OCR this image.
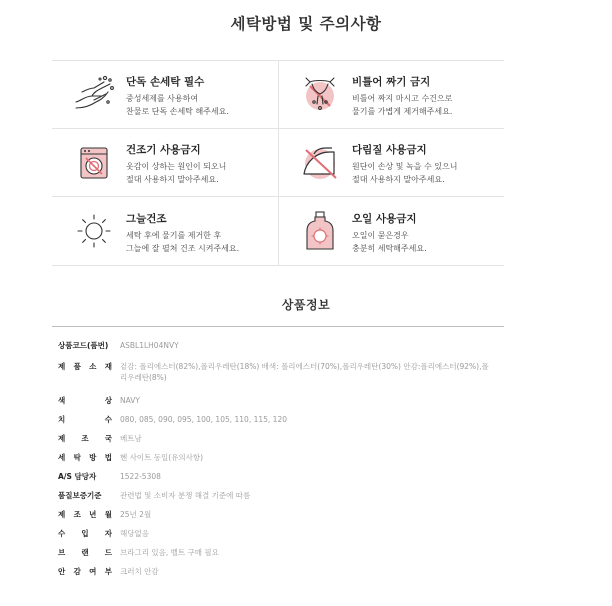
세탁방법 및 주의사항
단독 손세탁 필수
중성세제를 사용하여
찬물로 단독 손세탁 해주세요.
비틀어 짜기 금지
비틀어 짜지 마시고 수건으로
물기를 가볍게 제거해주세요.
건조기 사용금지
옷감이 상하는 원인이 되오니
절대 사용하지 말아주세요.
다림질 사용금지
원단이 손상 및 녹을 수 있으니
절대 사용하지 말아주세요.
그늘건조
세탁 후에 물기를 제거한 후
그늘에 잘 펼쳐 건조 시켜주세요.
오일 사용금지
오일이 묻은경우
충분히 세탁해주세요.
상품정보
상품코드(품번)	ASBL1LH04NVY
제 품 소 재 겉감: 폴리에스터(82%),폴리우레탄(18%) 배색: 폴리에스터(70%),폴리우레탄(30%) 안감:폴리에스터(92%),폴리우레탄(8%)
색	상 NAVY
치	수 080, 085, 090, 095, 100, 105, 110, 115, 120
제 조 국 베트남
세 탁 방 법 헨 사이트 동일(유의사항)
A/S 담당자	1522-5308
품질보증기준	관련법 및 소비자 분쟁 해결 기준에 따름
제 조 년 월 25년 2월
수 입 자 해당없음
브 랜 드 브라그리 있음, 벨트 구매 필요
안 감 여 부 크러치 안감
